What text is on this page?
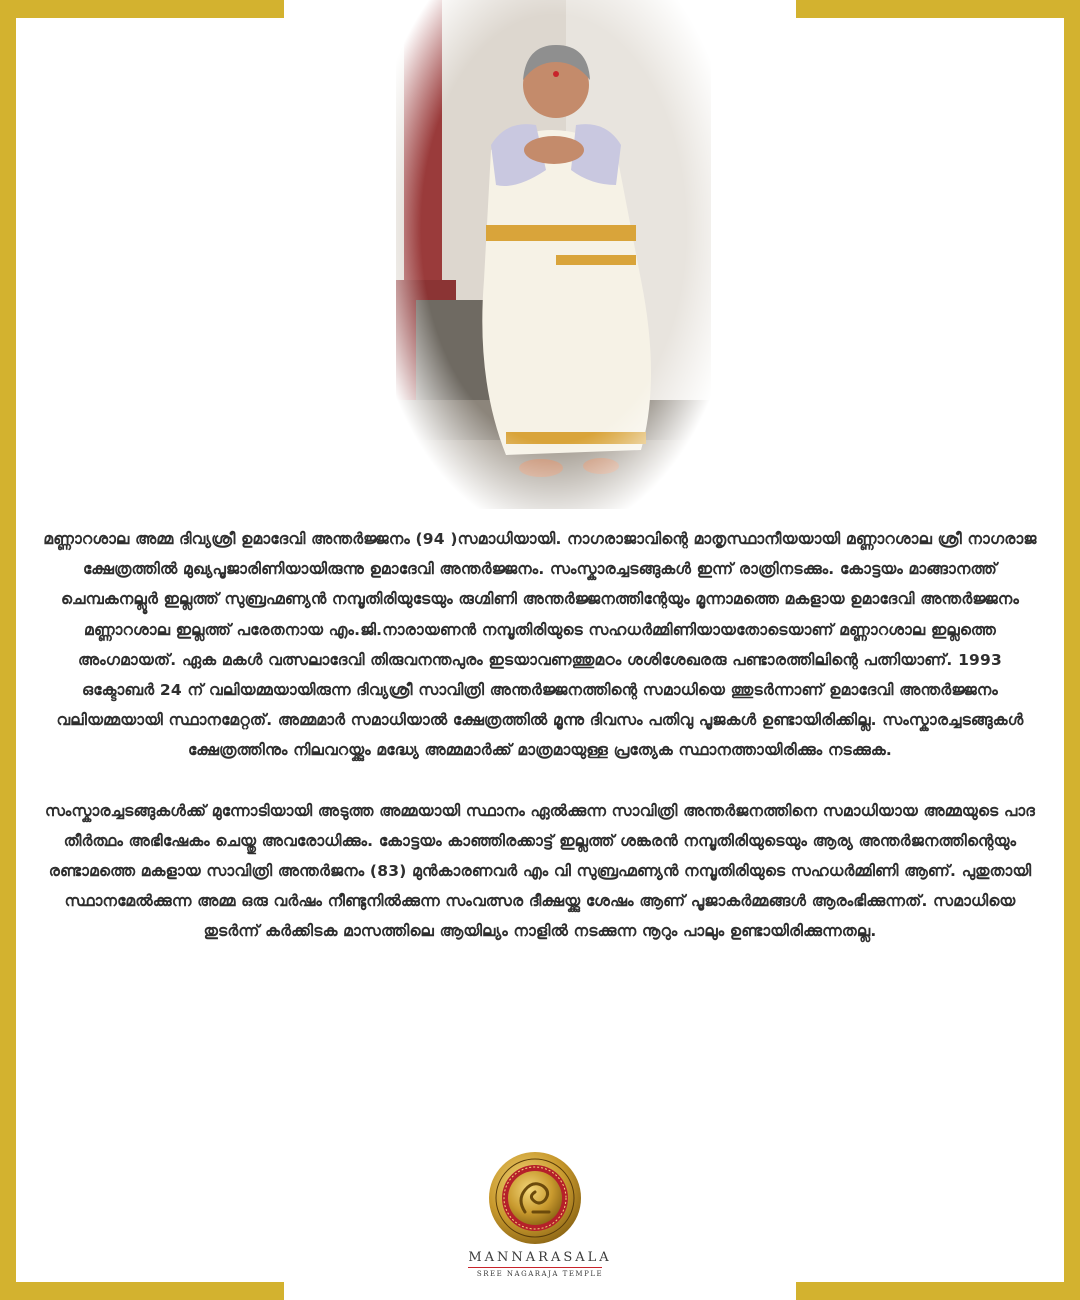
മണ്ണാറശാല അമ്മ ദിവ്യശ്രീ ഉമാദേവി അന്തർജ്ജനം (94 )സമാധിയായി. നാഗരാജാവിന്റെ മാതൃസ്ഥാനീയയായി മണ്ണാറശാല ശ്രീ നാഗരാജ ക്ഷേത്രത്തിൽ മുഖ്യപൂജാരിണിയായിരുന്നു ഉമാദേവി അന്തർജ്ജനം. സംസ്കാരച്ചടങ്ങുകൾ ഇന്ന് രാത്രിനടക്കും. കോട്ടയം മാങ്ങാനത്ത് ചെമ്പകനല്ലൂർ ഇല്ലത്ത് സുബ്രഹ്മണ്യൻ നമ്പൂതിരിയുടേയും രുഗ്മിണി അന്തർജ്ജനത്തിന്റേയും മൂന്നാമത്തെ മകളായ ഉമാദേവി അന്തർജ്ജനം മണ്ണാറശാല ഇല്ലത്ത് പരേതനായ എം.ജി.നാരായണൻ നമ്പൂതിരിയുടെ സഹധർമ്മിണിയായതോടെയാണ് മണ്ണാറശാല ഇല്ലത്തെ അംഗമായത്. ഏക മകൾ വത്സലാദേവി തിരുവനന്തപുരം ഇടയാവണത്തുമഠം ശശിശേഖരരു പണ്ടാരത്തിലിന്റെ പത്നിയാണ്. 1993 ഒക്ടോബർ 24 ന് വലിയമ്മയായിരുന്ന ദിവ്യശ്രീ സാവിത്രി അന്തർജ്ജനത്തിന്റെ സമാധിയെ ത്തുടർന്നാണ് ഉമാദേവി അന്തർജ്ജനം വലിയമ്മയായി സ്ഥാനമേറ്റത്. അമ്മമാർ സമാധിയാൽ ക്ഷേത്രത്തിൽ മൂന്നു ദിവസം പതിവു പൂജകൾ ഉണ്ടായിരിക്കില്ല. സംസ്കാരച്ചടങ്ങുകൾ ക്ഷേത്രത്തിനും നിലവറയ്ക്കും മദ്ധ്യേ അമ്മമാർക്ക് മാത്രമായുള്ള പ്രത്യേക സ്ഥാനത്തായിരിക്കും നടക്കുക.

സംസ്കാരച്ചടങ്ങുകൾക്ക് മുന്നോടിയായി അടുത്ത അമ്മയായി സ്ഥാനം ഏൽക്കുന്ന സാവിത്രി അന്തർജനത്തിനെ സമാധിയായ അമ്മയുടെ പാദ തീർത്ഥം അഭിഷേകം ചെയ്തു അവരോധിക്കും. കോട്ടയം കാഞ്ഞിരക്കാട്ട് ഇല്ലത്ത് ശങ്കരൻ നമ്പൂതിരിയുടെയും ആര്യ അന്തർജനത്തിന്റെയും രണ്ടാമത്തെ മകളായ സാവിത്രി അന്തർജനം (83) മുൻകാരണവർ എം വി സുബ്രഹ്മണ്യൻ നമ്പൂതിരിയുടെ സഹധർമ്മിണി ആണ്. പുതുതായി സ്ഥാനമേൽക്കുന്ന അമ്മ ഒരു വർഷം നീണ്ടുനിൽക്കുന്ന സംവത്സര ദീക്ഷയ്ക്കു ശേഷം ആണ് പൂജാകർമ്മങ്ങൾ ആരംഭിക്കുന്നത്. സമാധിയെ തുടർന്ന് കർക്കിടക മാസത്തിലെ ആയില്യം നാളിൽ നടക്കുന്ന നൂറും പാലും ഉണ്ടായിരിക്കുന്നതല്ല.

MANNARASALA
SREE NAGARAJA TEMPLE
